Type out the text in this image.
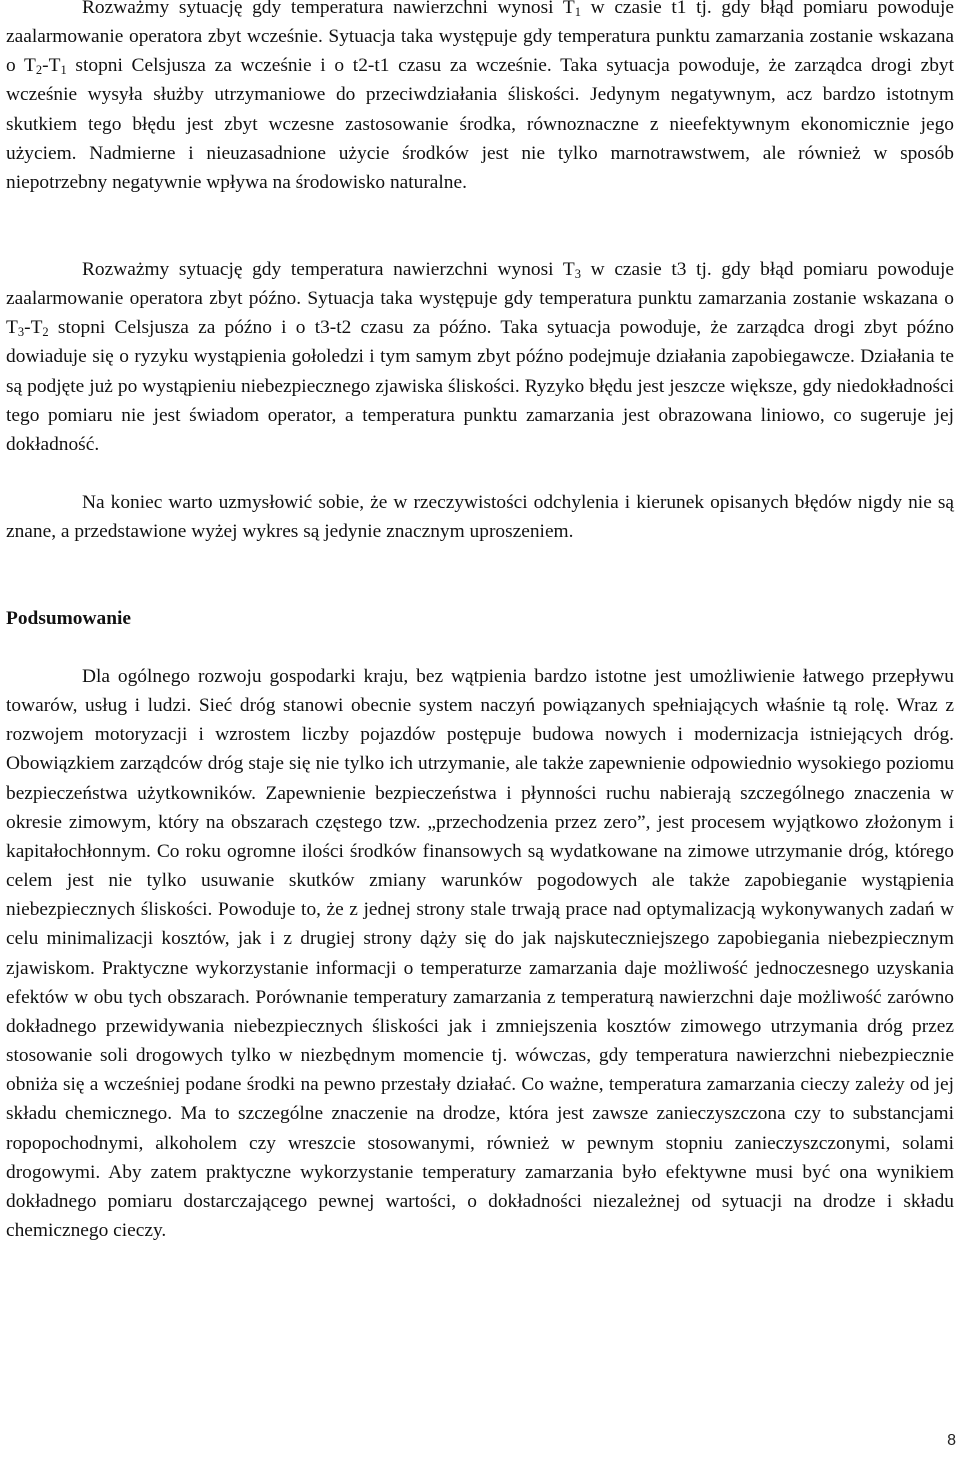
Rozważmy sytuację gdy temperatura nawierzchni wynosi $T_1$ w czasie t1 tj. gdy błąd pomiaru powoduje zaalarmowanie operatora zbyt wcześnie. Sytuacja taka występuje gdy temperatura punktu zamarzania zostanie wskazana o $T_2-T_1$ stopni Celsjusza za wcześnie i o t2-t1 czasu za wcześnie. Taka sytuacja powoduje, że zarządca drogi zbyt wcześnie wysyła służby utrzymaniowe do przeciwdziałania śliskości. Jedynym negatywnym, acz bardzo istotnym skutkiem tego błędu jest zbyt wczesne zastosowanie środka, równoznaczne z nieefektywnym ekonomicznie jego użyciem. Nadmierne i nieuzasadnione użycie środków jest nie tylko marnotrawstwem, ale również w sposób niepotrzebny negatywnie wpływa na środowisko naturalne.

Rozważmy sytuację gdy temperatura nawierzchni wynosi $T_3$ w czasie t3 tj. gdy błąd pomiaru powoduje zaalarmowanie operatora zbyt późno. Sytuacja taka występuje gdy temperatura punktu zamarzania zostanie wskazana o $T_3-T_2$ stopni Celsjusza za późno i o t3-t2 czasu za późno. Taka sytuacja powoduje, że zarządca drogi zbyt późno dowiaduje się o ryzyku wystąpienia gołoledzi i tym samym zbyt późno podejmuje działania zapobiegawcze. Działania te są podjęte już po wystąpieniu niebezpiecznego zjawiska śliskości. Ryzyko błędu jest jeszcze większe, gdy niedokładności tego pomiaru nie jest świadom operator, a temperatura punktu zamarzania jest obrazowana liniowo, co sugeruje jej dokładność.

Na koniec warto uzmysłowić sobie, że w rzeczywistości odchylenia i kierunek opisanych błędów nigdy nie są znane, a przedstawione wyżej wykres są jedynie znacznym uproszeniem.

Podsumowanie

Dla ogólnego rozwoju gospodarki kraju, bez wątpienia bardzo istotne jest umożliwienie łatwego przepływu towarów, usług i ludzi. Sieć dróg stanowi obecnie system naczyń powiązanych spełniających właśnie tą rolę. Wraz z rozwojem motoryzacji i wzrostem liczby pojazdów postępuje budowa nowych i modernizacja istniejących dróg. Obowiązkiem zarządców dróg staje się nie tylko ich utrzymanie, ale także zapewnienie odpowiednio wysokiego poziomu bezpieczeństwa użytkowników. Zapewnienie bezpieczeństwa i płynności ruchu nabierają szczególnego znaczenia w okresie zimowym, który na obszarach częstego tzw. „przechodzenia przez zero”, jest procesem wyjątkowo złożonym i kapitałochłonnym. Co roku ogromne ilości środków finansowych są wydatkowane na zimowe utrzymanie dróg, którego celem jest nie tylko usuwanie skutków zmiany warunków pogodowych ale także zapobieganie wystąpienia niebezpiecznych śliskości. Powoduje to, że z jednej strony stale trwają prace nad optymalizacją wykonywanych zadań w celu minimalizacji kosztów, jak i z drugiej strony dąży się do jak najskuteczniejszego zapobiegania niebezpiecznym zjawiskom. Praktyczne wykorzystanie informacji o temperaturze zamarzania daje możliwość jednoczesnego uzyskania efektów w obu tych obszarach. Porównanie temperatury zamarzania z temperaturą nawierzchni daje możliwość zarówno dokładnego przewidywania niebezpiecznych śliskości jak i zmniejszenia kosztów zimowego utrzymania dróg przez stosowanie soli drogowych tylko w niezbędnym momencie tj. wówczas, gdy temperatura nawierzchni niebezpiecznie obniża się a wcześniej podane środki na pewno przestały działać. Co ważne, temperatura zamarzania cieczy zależy od jej składu chemicznego. Ma to szczególne znaczenie na drodze, która jest zawsze zanieczyszczona czy to substancjami ropopochodnymi, alkoholem czy wreszcie stosowanymi, również w pewnym stopniu zanieczyszczonymi, solami drogowymi. Aby zatem praktyczne wykorzystanie temperatury zamarzania było efektywne musi być ona wynikiem dokładnego pomiaru dostarczającego pewnej wartości, o dokładności niezależnej od sytuacji na drodze i składu chemicznego cieczy.

8
